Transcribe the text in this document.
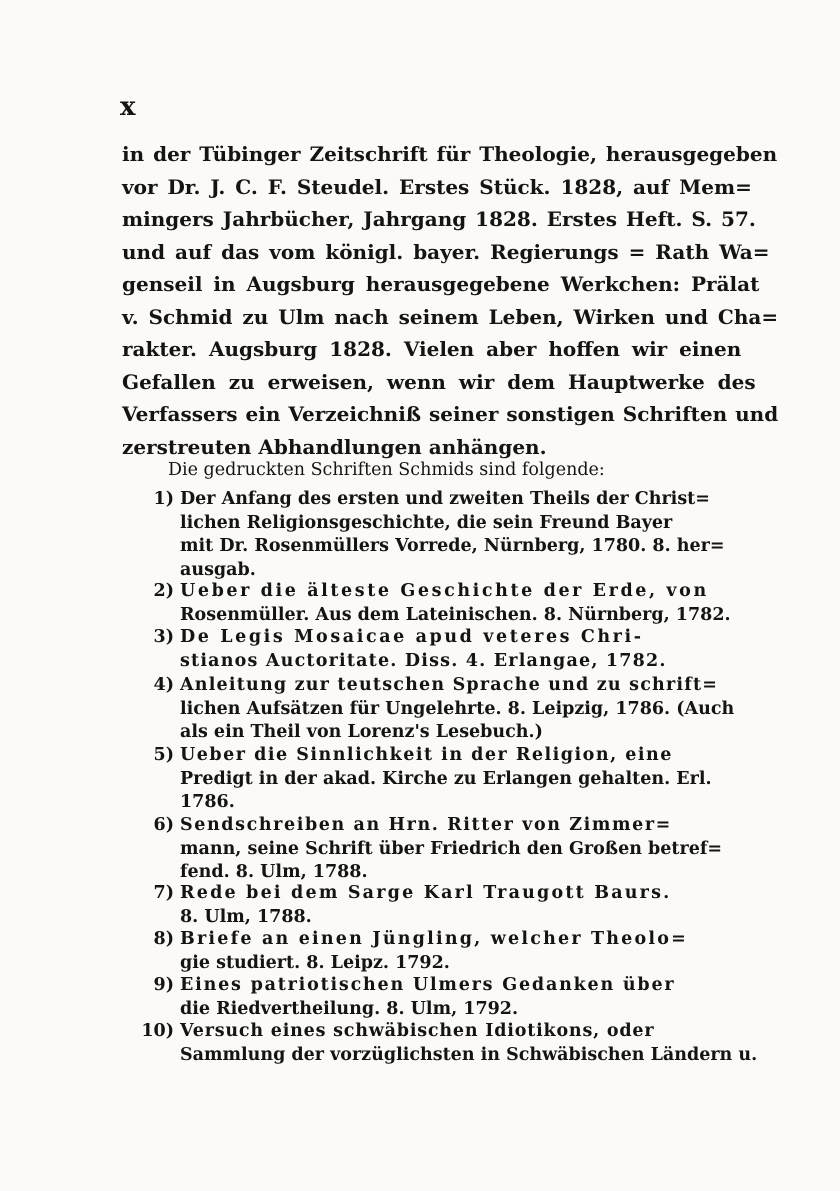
x
in der Tübinger Zeitschrift für Theologie, herausgegeben
vor Dr. J. C. F. Steudel. Erstes Stück. 1828, auf Mem=
mingers Jahrbücher, Jahrgang 1828. Erstes Heft. S. 57.
und auf das vom königl. bayer. Regierungs = Rath Wa=
genseil in Augsburg herausgegebene Werkchen: Prälat
v. Schmid zu Ulm nach seinem Leben, Wirken und Cha=
rakter. Augsburg 1828. Vielen aber hoffen wir einen
Gefallen zu erweisen, wenn wir dem Hauptwerke des
Verfassers ein Verzeichniß seiner sonstigen Schriften und
zerstreuten Abhandlungen anhängen.
Die gedruckten Schriften Schmids sind folgende:
1) Der Anfang des ersten und zweiten Theils der Christ=
lichen Religionsgeschichte, die sein Freund Bayer
mit Dr. Rosenmüllers Vorrede, Nürnberg, 1780. 8. her=
ausgab.
2) Ueber die älteste Geschichte der Erde, von
Rosenmüller. Aus dem Lateinischen. 8. Nürnberg, 1782.
3) De Legis Mosaicae apud veteres Chri-
stianos Auctoritate. Diss. 4. Erlangae, 1782.
4) Anleitung zur teutschen Sprache und zu schrift=
lichen Aufsätzen für Ungelehrte. 8. Leipzig, 1786. (Auch
als ein Theil von Lorenz's Lesebuch.)
5) Ueber die Sinnlichkeit in der Religion, eine
Predigt in der akad. Kirche zu Erlangen gehalten. Erl.
1786.
6) Sendschreiben an Hrn. Ritter von Zimmer=
mann, seine Schrift über Friedrich den Großen betref=
fend. 8. Ulm, 1788.
7) Rede bei dem Sarge Karl Traugott Baurs.
8. Ulm, 1788.
8) Briefe an einen Jüngling, welcher Theolo=
gie studiert. 8. Leipz. 1792.
9) Eines patriotischen Ulmers Gedanken über
die Riedvertheilung. 8. Ulm, 1792.
10) Versuch eines schwäbischen Idiotikons, oder
Sammlung der vorzüglichsten in Schwäbischen Ländern u.
